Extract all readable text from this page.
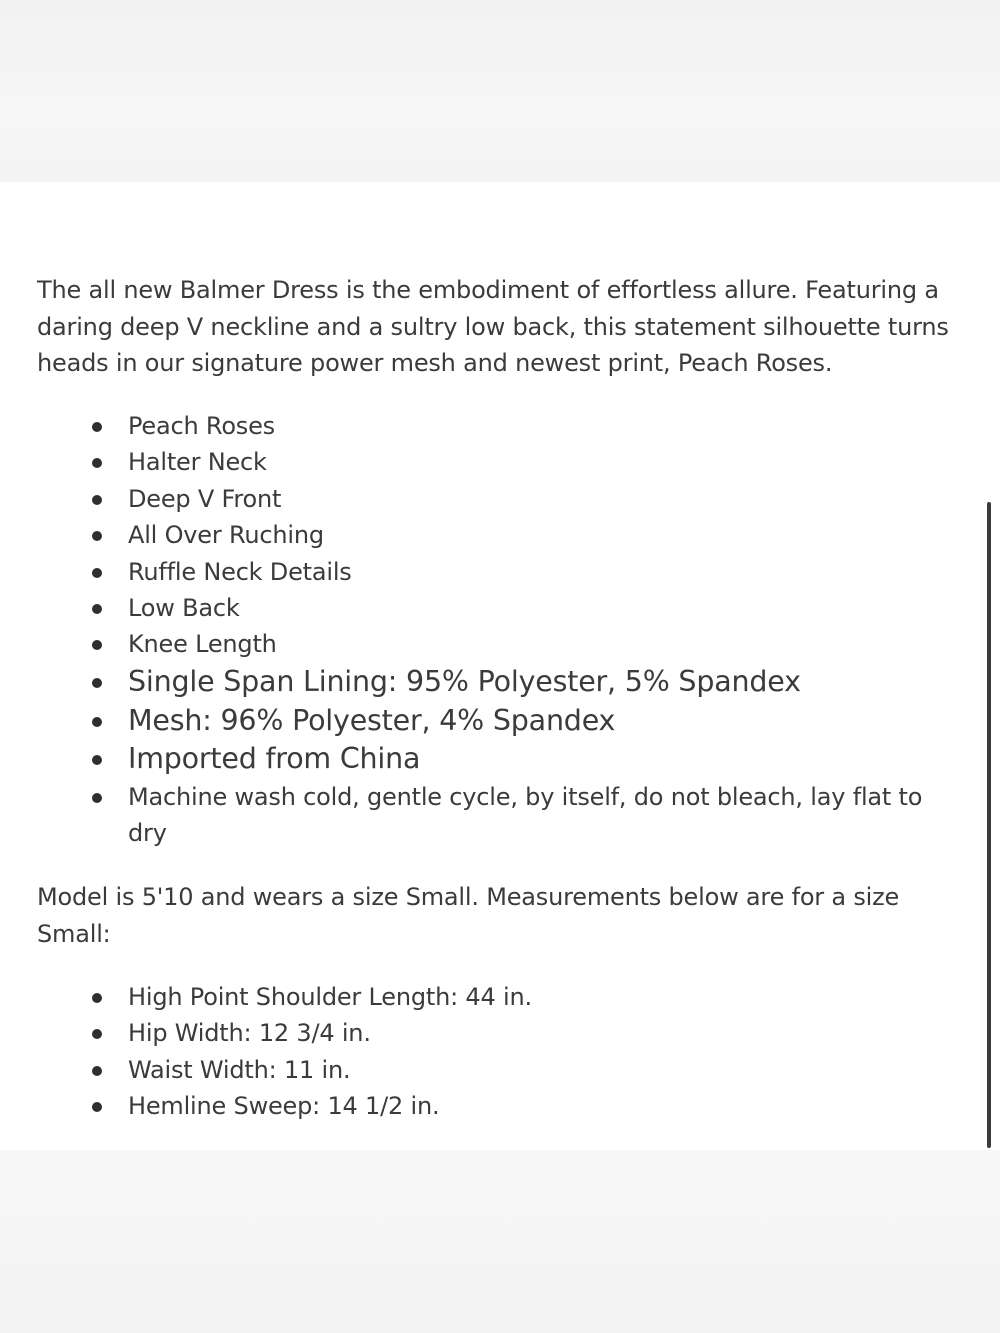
The all new Balmer Dress is the embodiment of effortless allure. Featuring a daring deep V neckline and a sultry low back, this statement silhouette turns heads in our signature power mesh and newest print, Peach Roses.

Peach Roses
Halter Neck
Deep V Front
All Over Ruching
Ruffle Neck Details
Low Back
Knee Length
Single Span Lining: 95% Polyester, 5% Spandex
Mesh: 96% Polyester, 4% Spandex
Imported from China
Machine wash cold, gentle cycle, by itself, do not bleach, lay flat to dry

Model is 5'10 and wears a size Small. Measurements below are for a size Small:

High Point Shoulder Length: 44 in.
Hip Width: 12 3/4 in.
Waist Width: 11 in.
Hemline Sweep: 14 1/2 in.
